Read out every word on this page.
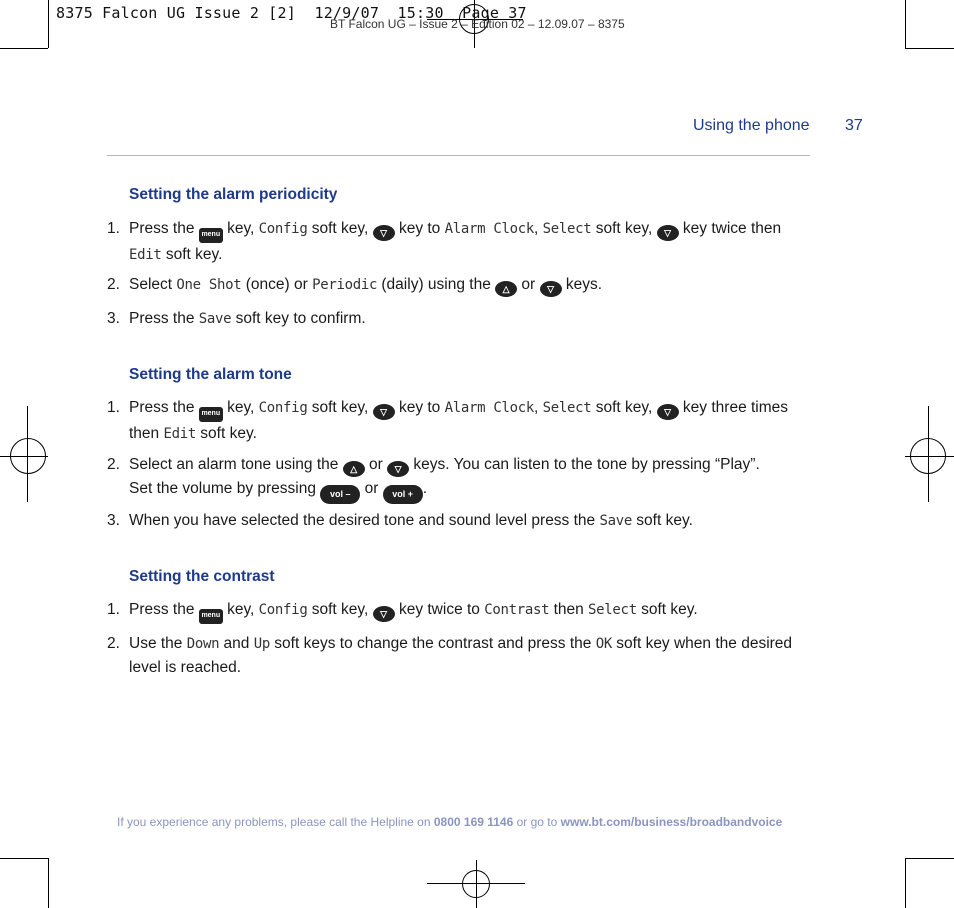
8375 Falcon UG Issue 2 [2]  12/9/07  15:30  Page 37
BT Falcon UG – Issue 2 – Edition 02 – 12.09.07 – 8375
Using the phone 37
Setting the alarm periodicity
1. Press the menu key, Config soft key, ▽ key to Alarm Clock, Select soft key, ▽ key twice then Edit soft key.
2. Select One Shot (once) or Periodic (daily) using the △ or ▽ keys.
3. Press the Save soft key to confirm.
Setting the alarm tone
1. Press the menu key, Config soft key, ▽ key to Alarm Clock, Select soft key, ▽ key three times then Edit soft key.
2. Select an alarm tone using the △ or ▽ keys. You can listen to the tone by pressing “Play”.
Set the volume by pressing vol – or vol + .
3. When you have selected the desired tone and sound level press the Save soft key.
Setting the contrast
1. Press the menu key, Config soft key, ▽ key twice to Contrast then Select soft key.
2. Use the Down and Up soft keys to change the contrast and press the OK soft key when the desired level is reached.
If you experience any problems, please call the Helpline on 0800 169 1146 or go to www.bt.com/business/broadbandvoice
